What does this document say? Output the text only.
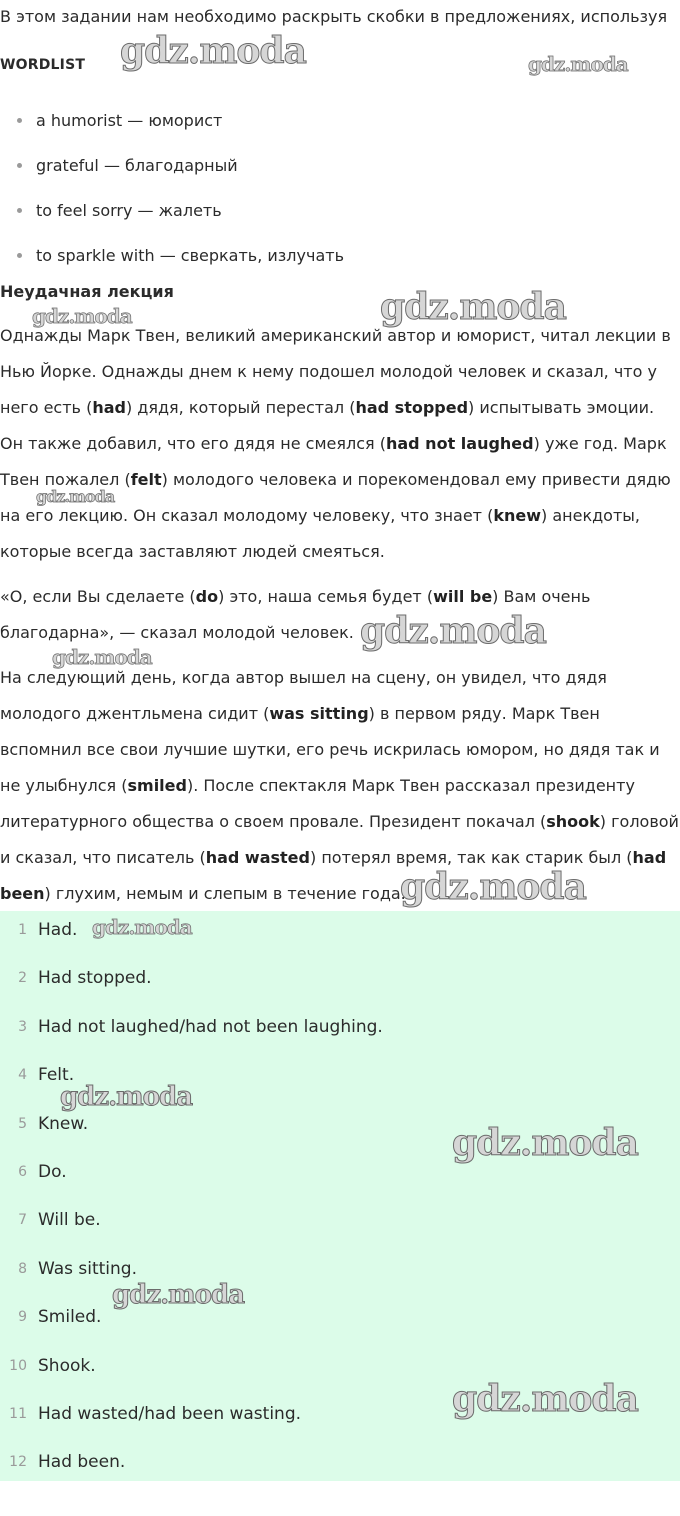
В этом задании нам необходимо раскрыть скобки в предложениях, используя
WORDLIST
a humorist — юморист
grateful — благодарный
to feel sorry — жалеть
to sparkle with — сверкать, излучать
Неудачная лекция

Однажды Марк Твен, великий американский автор и юморист, читал лекции в Нью Йорке. Однажды днем к нему подошел молодой человек и сказал, что у него есть (had) дядя, который перестал (had stopped) испытывать эмоции. Он также добавил, что его дядя не смеялся (had not laughed) уже год. Марк Твен пожалел (felt) молодого человека и порекомендовал ему привести дядю на его лекцию. Он сказал молодому человеку, что знает (knew) анекдоты, которые всегда заставляют людей смеяться.

«О, если Вы сделаете (do) это, наша семья будет (will be) Вам очень благодарна», — сказал молодой человек.

На следующий день, когда автор вышел на сцену, он увидел, что дядя молодого джентльмена сидит (was sitting) в первом ряду. Марк Твен вспомнил все свои лучшие шутки, его речь искрилась юмором, но дядя так и не улыбнулся (smiled). После спектакля Марк Твен рассказал президенту литературного общества о своем провале. Президент покачал (shook) головой и сказал, что писатель (had wasted) потерял время, так как старик был (had been) глухим, немым и слепым в течение года.

1 Had.
2 Had stopped.
3 Had not laughed/had not been laughing.
4 Felt.
5 Knew.
6 Do.
7 Will be.
8 Was sitting.
9 Smiled.
10 Shook.
11 Had wasted/had been wasting.
12 Had been.
gdz.moda	gdz.moda
gdz.moda
gdz.moda
gdz.moda
gdz.moda
gdz.moda
gdz.moda
gdz.moda
gdz.moda
gdz.moda
gdz.moda
gdz.moda
